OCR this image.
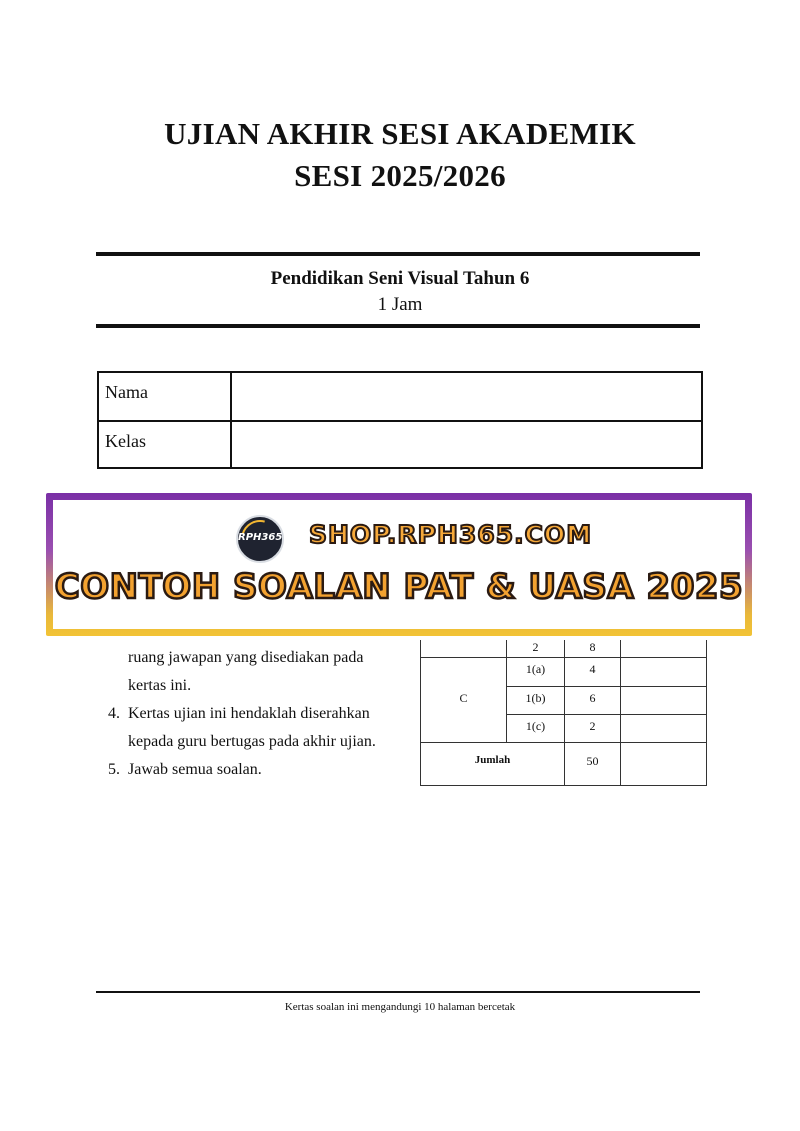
UJIAN AKHIR SESI AKADEMIK
SESI 2025/2026
Pendidikan Seni Visual Tahun 6
1 Jam
Nama
Kelas
ruang jawapan yang disediakan pada
kertas ini.
4. Kertas ujian ini hendaklah diserahkan
kepada guru bertugas pada akhir ujian.
5. Jawab semua soalan.
2	8
C
1(a)	4
1(b)	6
1(c)	2
Jumlah	50
RPH365 SHOP.RPH365.COM
CONTOH SOALAN PAT & UASA 2025
Kertas soalan ini mengandungi 10 halaman bercetak
